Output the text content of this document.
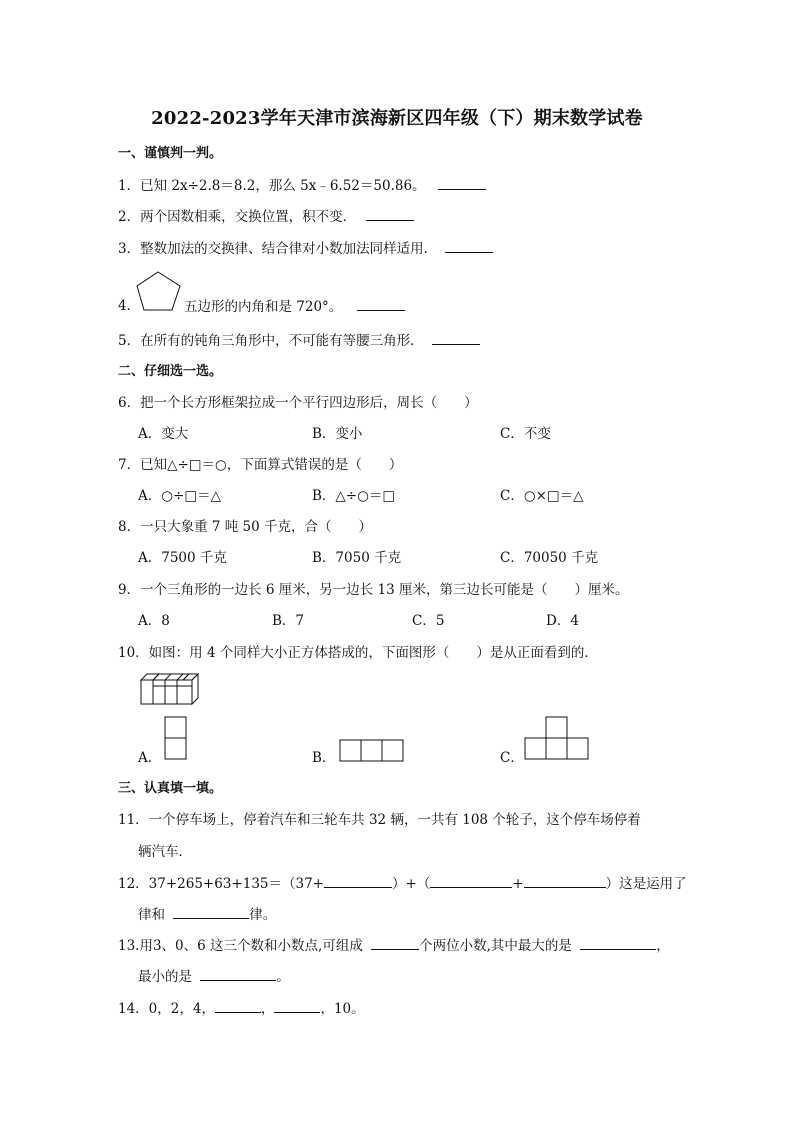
2022-2023学年天津市滨海新区四年级（下）期末数学试卷
一、谨慎判一判。
1．已知 2x÷2.8＝8.2，那么 5x﹣6.52＝50.86。
2．两个因数相乘，交换位置，积不变．
3．整数加法的交换律、结合律对小数加法同样适用．
4．	五边形的内角和是 720°。
5．在所有的钝角三角形中，不可能有等腰三角形．
二、仔细选一选。
6．把一个长方形框架拉成一个平行四边形后，周长（　　）
A．变大	B．变小	C．不变
7．已知△÷□＝○，下面算式错误的是（　　）
A．○÷□＝△	B．△÷○＝□	C．○×□＝△
8．一只大象重 7 吨 50 千克，合（　　）
A．7500 千克	B．7050 千克	C．70050 千克
9．一个三角形的一边长 6 厘米，另一边长 13 厘米，第三边长可能是（　　）厘米。
A．8	B．7	C．5	D．4
10．如图：用 4 个同样大小正方体搭成的，下面图形（　　）是从正面看到的．
A．	B．	C．
三、认真填一填。
11．一个停车场上，停着汽车和三轮车共 32 辆，一共有 108 个轮子，这个停车场停着
辆汽车．
12．37+265+63+135＝（37+	）+（	+	）这是运用了
律和	律。
13.用3、0、6 这三个数和小数点,可组成	个两位小数,其中最大的是	，
最小的是	。
14．0，2，4，	，	，10。
